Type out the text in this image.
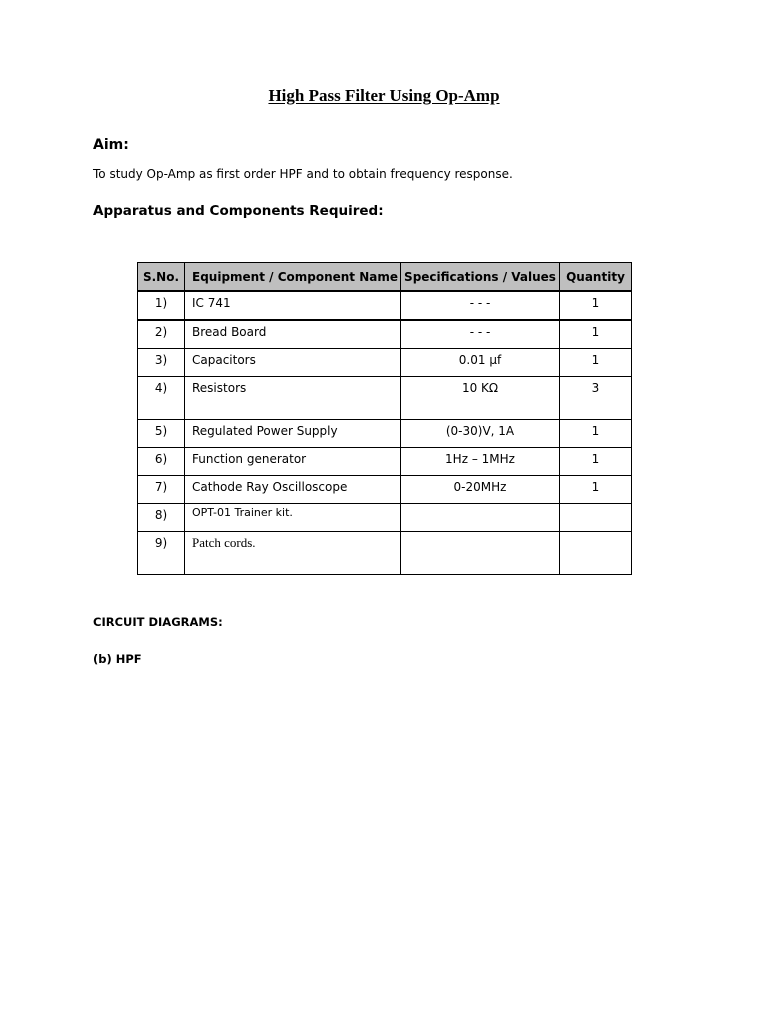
High Pass Filter Using Op-Amp
Aim:
To study Op-Amp as first order HPF and to obtain frequency response.
Apparatus and Components Required:
S.No.	Equipment / Component Name	Specifications / Values	Quantity
1)	IC 741	- - -	1
2)	Bread Board	- - -	1
3)	Capacitors	0.01 µf	1
4)	Resistors	10 KΩ	3
5)	Regulated Power Supply	(0-30)V, 1A	1
6)	Function generator	1Hz – 1MHz	1
7)	Cathode Ray Oscilloscope	0-20MHz	1
8)	OPT-01 Trainer kit.		
9)	Patch cords.		
CIRCUIT DIAGRAMS:
(b) HPF
